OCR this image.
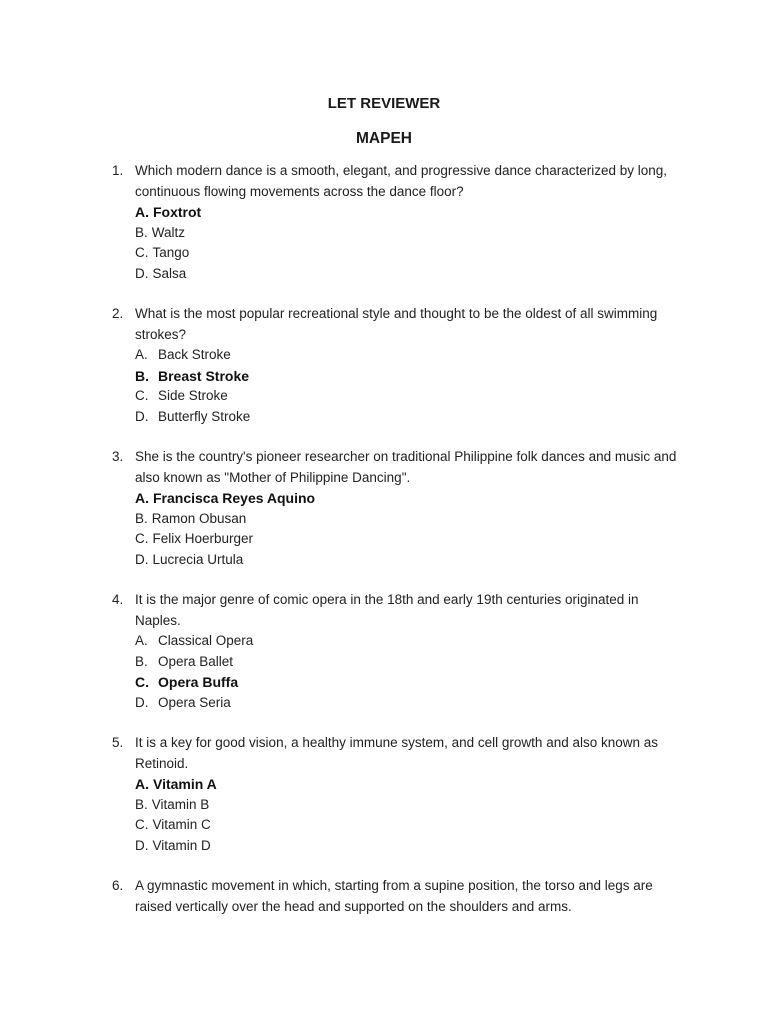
LET REVIEWER
MAPEH
1. Which modern dance is a smooth, elegant, and progressive dance characterized by long, continuous flowing movements across the dance floor?
A. Foxtrot
B. Waltz
C. Tango
D. Salsa
2. What is the most popular recreational style and thought to be the oldest of all swimming strokes?
A. Back Stroke
B. Breast Stroke
C. Side Stroke
D. Butterfly Stroke
3. She is the country's pioneer researcher on traditional Philippine folk dances and music and also known as "Mother of Philippine Dancing".
A. Francisca Reyes Aquino
B. Ramon Obusan
C. Felix Hoerburger
D. Lucrecia Urtula
4. It is the major genre of comic opera in the 18th and early 19th centuries originated in Naples.
A. Classical Opera
B. Opera Ballet
C. Opera Buffa
D. Opera Seria
5. It is a key for good vision, a healthy immune system, and cell growth and also known as Retinoid.
A. Vitamin A
B. Vitamin B
C. Vitamin C
D. Vitamin D
6. A gymnastic movement in which, starting from a supine position, the torso and legs are raised vertically over the head and supported on the shoulders and arms.
